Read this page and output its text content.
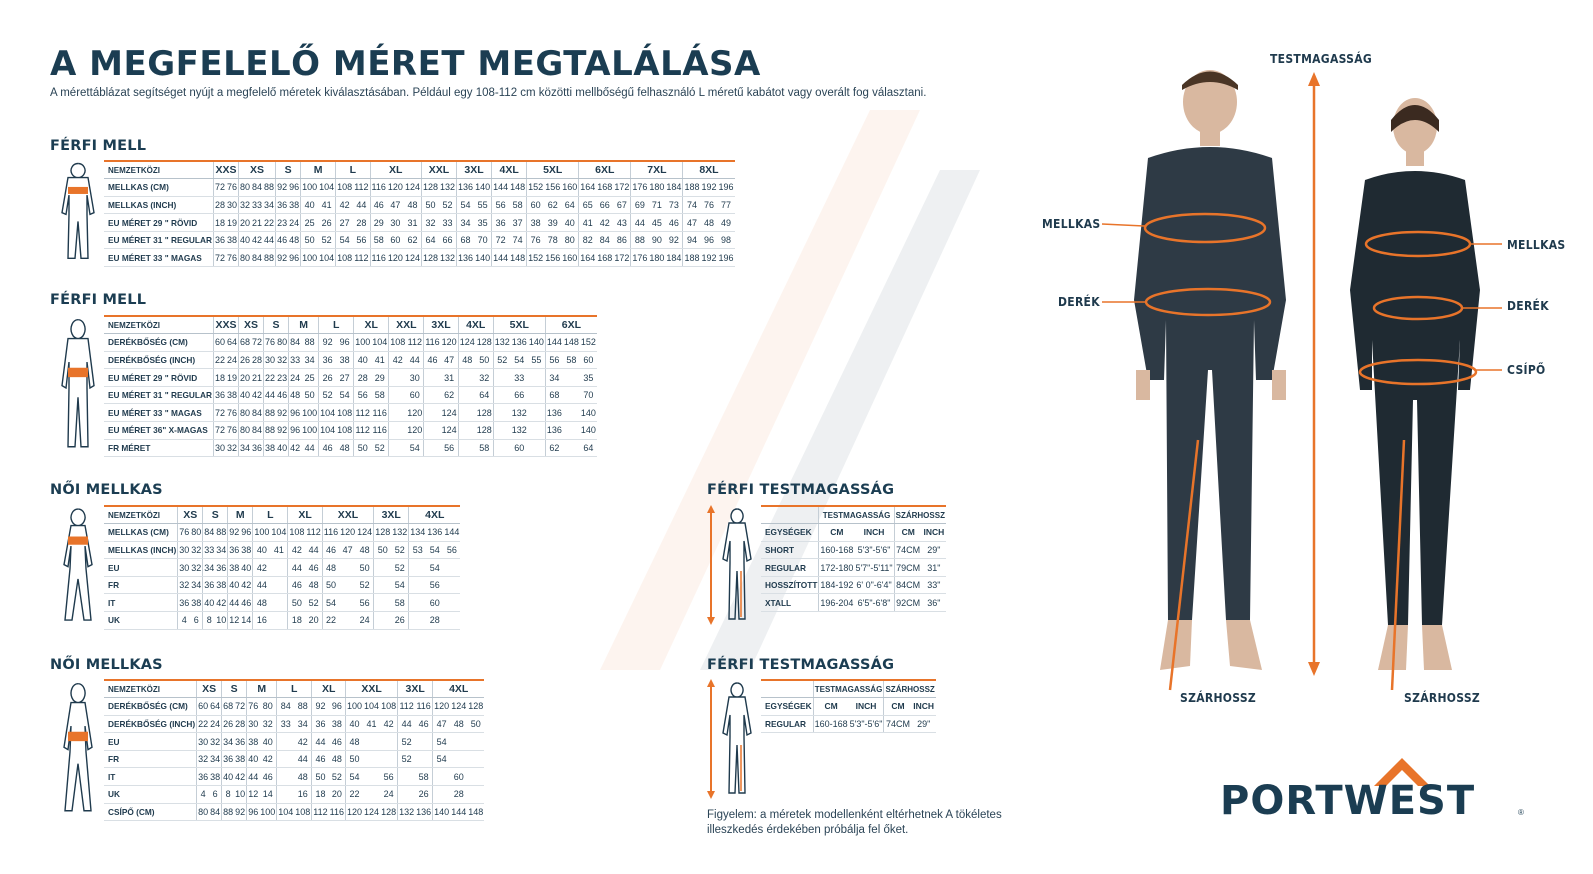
A MEGFELELŐ MÉRET MEGTALÁLÁSA
A mérettáblázat segítséget nyújt a megfelelő méretek kiválasztásában. Például egy 108-112 cm közötti mellbőségű felhasználó L méretű kabátot vagy overált fog választani.
FÉRFI MELL
NEMZETKÖZI	XXS		XS			S		M		L		XL			XXL		3XL		4XL		5XL			6XL			7XL			8XL		
MELLKAS (CM)	72	76	80	84	88	92	96	100	104	108	112	116	120	124	128	132	136	140	144	148	152	156	160	164	168	172	176	180	184	188	192	196
MELLKAS (INCH)	28	30	32	33	34	36	38	40	41	42	44	46	47	48	50	52	54	55	56	58	60	62	64	65	66	67	69	71	73	74	76	77
EU MÉRET 29 " RÖVID	18	19	20	21	22	23	24	25	26	27	28	29	30	31	32	33	34	35	36	37	38	39	40	41	42	43	44	45	46	47	48	49
EU MÉRET 31 " REGULAR	36	38	40	42	44	46	48	50	52	54	56	58	60	62	64	66	68	70	72	74	76	78	80	82	84	86	88	90	92	94	96	98
EU MÉRET 33 " MAGAS	72	76	80	84	88	92	96	100	104	108	112	116	120	124	128	132	136	140	144	148	152	156	160	164	168	172	176	180	184	188	192	196
FÉRFI MELL
NEMZETKÖZI	XXS		XS		S		M		L		XL		XXL		3XL		4XL		5XL			6XL		
DERÉKBŐSÉG (CM)	60	64	68	72	76	80	84	88	92	96	100	104	108	112	116	120	124	128	132	136	140	144	148	152
DERÉKBŐSÉG (INCH)	22	24	26	28	30	32	33	34	36	38	40	41	42	44	46	47	48	50	52	54	55	56	58	60
EU MÉRET 29 " RÖVID	18	19	20	21	22	23	24	25	26	27	28	29		30		31		32		33		34		35
EU MÉRET 31 " REGULAR	36	38	40	42	44	46	48	50	52	54	56	58		60		62		64		66		68		70
EU MÉRET 33 " MAGAS	72	76	80	84	88	92	96	100	104	108	112	116		120		124		128		132		136		140
EU MÉRET 36" X-MAGAS	72	76	80	84	88	92	96	100	104	108	112	116		120		124		128		132		136		140
FR MÉRET	30	32	34	36	38	40	42	44	46	48	50	52		54		56		58		60		62		64
NŐI MELLKAS
NEMZETKÖZI	XS		S		M		L		XL		XXL			3XL		4XL		
MELLKAS (CM)	76	80	84	88	92	96	100	104	108	112	116	120	124	128	132	134	136	144
MELLKAS (INCH)	30	32	33	34	36	38	40	41	42	44	46	47	48	50	52	53	54	56
EU	30	32	34	36	38	40	42		44	46	48		50		52		54	
FR	32	34	36	38	40	42	44		46	48	50		52		54		56	
IT	36	38	40	42	44	46	48		50	52	54		56		58		60	
UK	4	6	8	10	12	14	16		18	20	22		24		26		28	
NŐI MELLKAS
NEMZETKÖZI	XS		S		M		L		XL		XXL			3XL		4XL		
DERÉKBŐSÉG (CM)	60	64	68	72	76	80	84	88	92	96	100	104	108	112	116	120	124	128
DERÉKBŐSÉG (INCH)	22	24	26	28	30	32	33	34	36	38	40	41	42	44	46	47	48	50
EU	30	32	34	36	38	40		42	44	46	48			52		54		
FR	32	34	36	38	40	42		44	46	48	50			52		54		
IT	36	38	40	42	44	46		48	50	52	54		56		58		60	
UK	4	6	8	10	12	14		16	18	20	22		24		26		28	
CSÍPŐ (CM)	80	84	88	92	96	100	104	108	112	116	120	124	128	132	136	140	144	148
FÉRFI TESTMAGASSÁG
	TESTMAGASSÁG		SZÁRHOSSZ	
EGYSÉGEK	CM	INCH	CM	INCH
SHORT	160-168	5'3"-5'6"	74CM	29"
REGULAR	172-180	5'7"-5'11"	79CM	31"
HOSSZÍTOTT	184-192	6' 0"-6'4"	84CM	33"
XTALL	196-204	6'5"-6'8"	92CM	36"
FÉRFI TESTMAGASSÁG
	TESTMAGASSÁG		SZÁRHOSSZ	
EGYSÉGEK	CM	INCH	CM	INCH
REGULAR	160-168	5'3"-5'6"	74CM	29"
TESTMAGASSÁG
MELLKAS
DERÉK
MELLKAS
DERÉK
CSÍPŐ
SZÁRHOSSZ	SZÁRHOSSZ
Figyelem: a méretek modellenként eltérhetnek A tökéletes illeszkedés érdekében próbálja fel őket.
PORTWEST	®
